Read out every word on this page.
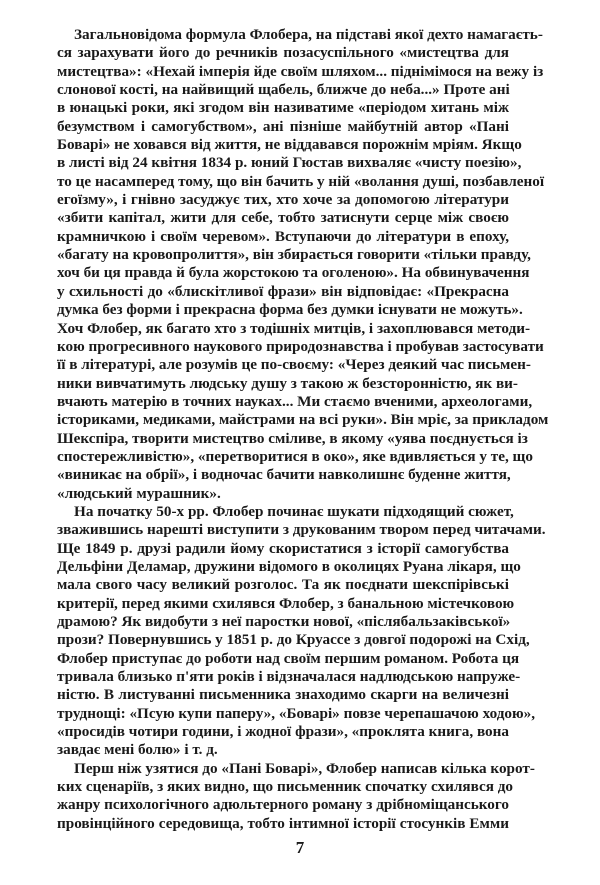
Загальновідома формула Флобера, на підставі якої дехто намагаєть-
ся зарахувати його до речників позасуспільного «мистецтва для
мистецтва»: «Нехай імперія йде своїм шляхом... піднімімося на вежу із
слонової кості, на найвищий щабель, ближче до неба...» Проте ані
в юнацькі роки, які згодом він називатиме «періодом хитань між
безумством і самогубством», ані пізніше майбутній автор «Пані
Боварі» не ховався від життя, не віддавався порожнім мріям. Якщо
в листі від 24 квітня 1834 р. юний Гюстав вихваляє «чисту поезію»,
то це насамперед тому, що він бачить у ній «волання душі, позбавленої
егоїзму», і гнівно засуджує тих, хто хоче за допомогою літератури
«збити капітал, жити для себе, тобто затиснути серце між своєю
крамничкою і своїм черевом». Вступаючи до літератури в епоху,
«багату на кровопролиття», він збирається говорити «тільки правду,
хоч би ця правда й була жорстокою та оголеною». На обвинувачення
у схильності до «блискітливої фрази» він відповідає: «Прекрасна
думка без форми і прекрасна форма без думки існувати не можуть».
Хоч Флобер, як багато хто з тодішніх митців, і захоплювався методи-
кою прогресивного наукового природознавства і пробував застосувати
її в літературі, але розумів це по-своєму: «Через деякий час письмен-
ники вивчатимуть людську душу з такою ж безсторонністю, як ви-
вчають матерію в точних науках... Ми стаємо вченими, археологами,
істориками, медиками, майстрами на всі руки». Він мріє, за прикладом
Шекспіра, творити мистецтво сміливе, в якому «уява поєднується із
спостережливістю», «перетворитися в око», яке вдивляється у те, що
«виникає на обрії», і водночас бачити навколишнє буденне життя,
«людський мурашник».
На початку 50-х рр. Флобер починає шукати підходящий сюжет,
зважившись нарешті виступити з друкованим твором перед читачами.
Ще 1849 р. друзі радили йому скористатися з історії самогубства
Дельфіни Деламар, дружини відомого в околицях Руана лікаря, що
мала свого часу великий розголос. Та як поєднати шекспірівські
критерії, перед якими схилявся Флобер, з банальною містечковою
драмою? Як видобути з неї паростки нової, «післябальзаківської»
прози? Повернувшись у 1851 р. до Круассе з довгої подорожі на Схід,
Флобер приступає до роботи над своїм першим романом. Робота ця
тривала близько п'яти років і відзначалася надлюдською напруже-
ністю. В листуванні письменника знаходимо скарги на величезні
труднощі: «Псую купи паперу», «Боварі» повзе черепашачою ходою»,
«просидів чотири години, і жодної фрази», «проклята книга, вона
завдає мені болю» і т. д.
Перш ніж узятися до «Пані Боварі», Флобер написав кілька корот-
ких сценаріїв, з яких видно, що письменник спочатку схилявся до
жанру психологічного адюльтерного роману з дрібноміщанського
провінційного середовища, тобто інтимної історії стосунків Емми
7
